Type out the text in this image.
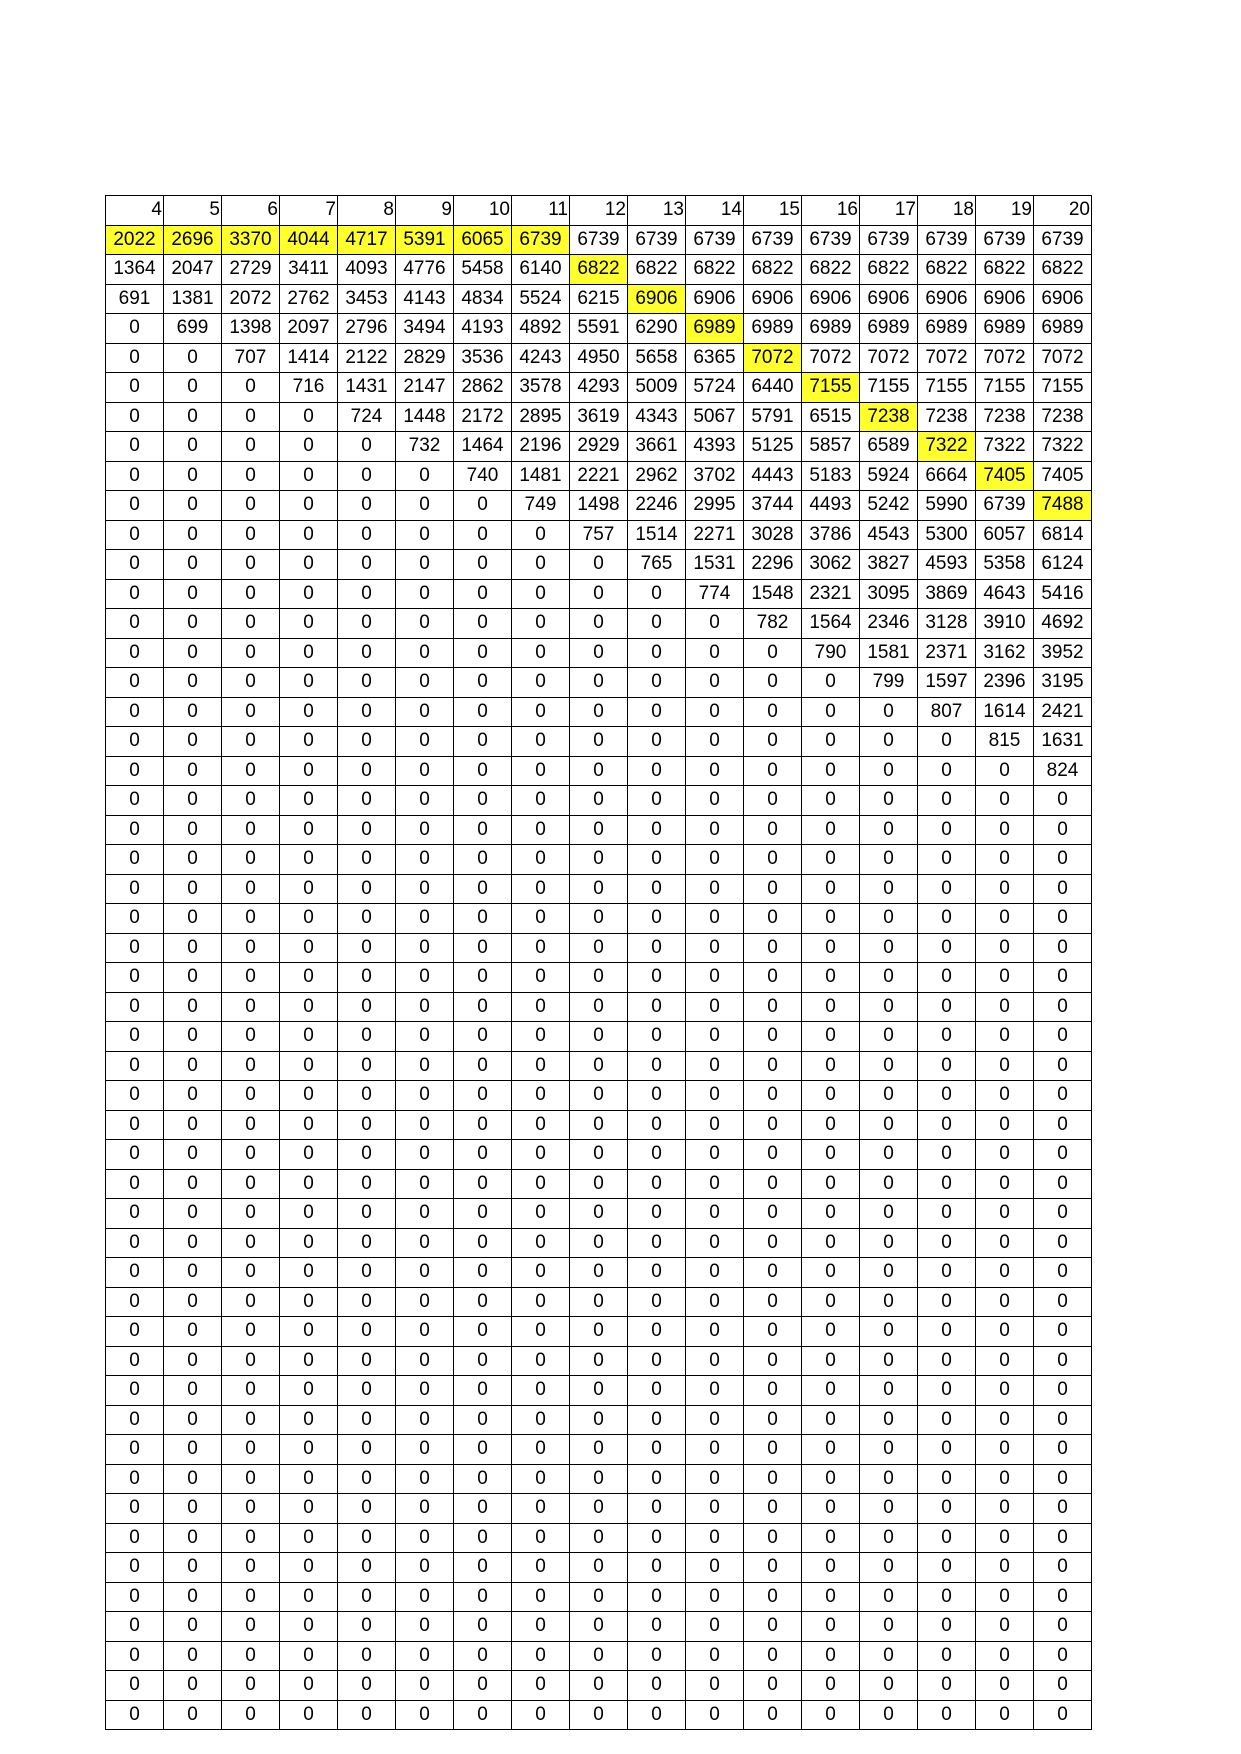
4	5	6	7	8	9	10	11	12	13	14	15	16	17	18	19	20
2022	2696	3370	4044	4717	5391	6065	6739	6739	6739	6739	6739	6739	6739	6739	6739	6739
1364	2047	2729	3411	4093	4776	5458	6140	6822	6822	6822	6822	6822	6822	6822	6822	6822
691	1381	2072	2762	3453	4143	4834	5524	6215	6906	6906	6906	6906	6906	6906	6906	6906
0	699	1398	2097	2796	3494	4193	4892	5591	6290	6989	6989	6989	6989	6989	6989	6989
0	0	707	1414	2122	2829	3536	4243	4950	5658	6365	7072	7072	7072	7072	7072	7072
0	0	0	716	1431	2147	2862	3578	4293	5009	5724	6440	7155	7155	7155	7155	7155
0	0	0	0	724	1448	2172	2895	3619	4343	5067	5791	6515	7238	7238	7238	7238
0	0	0	0	0	732	1464	2196	2929	3661	4393	5125	5857	6589	7322	7322	7322
0	0	0	0	0	0	740	1481	2221	2962	3702	4443	5183	5924	6664	7405	7405
0	0	0	0	0	0	0	749	1498	2246	2995	3744	4493	5242	5990	6739	7488
0	0	0	0	0	0	0	0	757	1514	2271	3028	3786	4543	5300	6057	6814
0	0	0	0	0	0	0	0	0	765	1531	2296	3062	3827	4593	5358	6124
0	0	0	0	0	0	0	0	0	0	774	1548	2321	3095	3869	4643	5416
0	0	0	0	0	0	0	0	0	0	0	782	1564	2346	3128	3910	4692
0	0	0	0	0	0	0	0	0	0	0	0	790	1581	2371	3162	3952
0	0	0	0	0	0	0	0	0	0	0	0	0	799	1597	2396	3195
0	0	0	0	0	0	0	0	0	0	0	0	0	0	807	1614	2421
0	0	0	0	0	0	0	0	0	0	0	0	0	0	0	815	1631
0	0	0	0	0	0	0	0	0	0	0	0	0	0	0	0	824
0	0	0	0	0	0	0	0	0	0	0	0	0	0	0	0	0
0	0	0	0	0	0	0	0	0	0	0	0	0	0	0	0	0
0	0	0	0	0	0	0	0	0	0	0	0	0	0	0	0	0
0	0	0	0	0	0	0	0	0	0	0	0	0	0	0	0	0
0	0	0	0	0	0	0	0	0	0	0	0	0	0	0	0	0
0	0	0	0	0	0	0	0	0	0	0	0	0	0	0	0	0
0	0	0	0	0	0	0	0	0	0	0	0	0	0	0	0	0
0	0	0	0	0	0	0	0	0	0	0	0	0	0	0	0	0
0	0	0	0	0	0	0	0	0	0	0	0	0	0	0	0	0
0	0	0	0	0	0	0	0	0	0	0	0	0	0	0	0	0
0	0	0	0	0	0	0	0	0	0	0	0	0	0	0	0	0
0	0	0	0	0	0	0	0	0	0	0	0	0	0	0	0	0
0	0	0	0	0	0	0	0	0	0	0	0	0	0	0	0	0
0	0	0	0	0	0	0	0	0	0	0	0	0	0	0	0	0
0	0	0	0	0	0	0	0	0	0	0	0	0	0	0	0	0
0	0	0	0	0	0	0	0	0	0	0	0	0	0	0	0	0
0	0	0	0	0	0	0	0	0	0	0	0	0	0	0	0	0
0	0	0	0	0	0	0	0	0	0	0	0	0	0	0	0	0
0	0	0	0	0	0	0	0	0	0	0	0	0	0	0	0	0
0	0	0	0	0	0	0	0	0	0	0	0	0	0	0	0	0
0	0	0	0	0	0	0	0	0	0	0	0	0	0	0	0	0
0	0	0	0	0	0	0	0	0	0	0	0	0	0	0	0	0
0	0	0	0	0	0	0	0	0	0	0	0	0	0	0	0	0
0	0	0	0	0	0	0	0	0	0	0	0	0	0	0	0	0
0	0	0	0	0	0	0	0	0	0	0	0	0	0	0	0	0
0	0	0	0	0	0	0	0	0	0	0	0	0	0	0	0	0
0	0	0	0	0	0	0	0	0	0	0	0	0	0	0	0	0
0	0	0	0	0	0	0	0	0	0	0	0	0	0	0	0	0
0	0	0	0	0	0	0	0	0	0	0	0	0	0	0	0	0
0	0	0	0	0	0	0	0	0	0	0	0	0	0	0	0	0
0	0	0	0	0	0	0	0	0	0	0	0	0	0	0	0	0
0	0	0	0	0	0	0	0	0	0	0	0	0	0	0	0	0
